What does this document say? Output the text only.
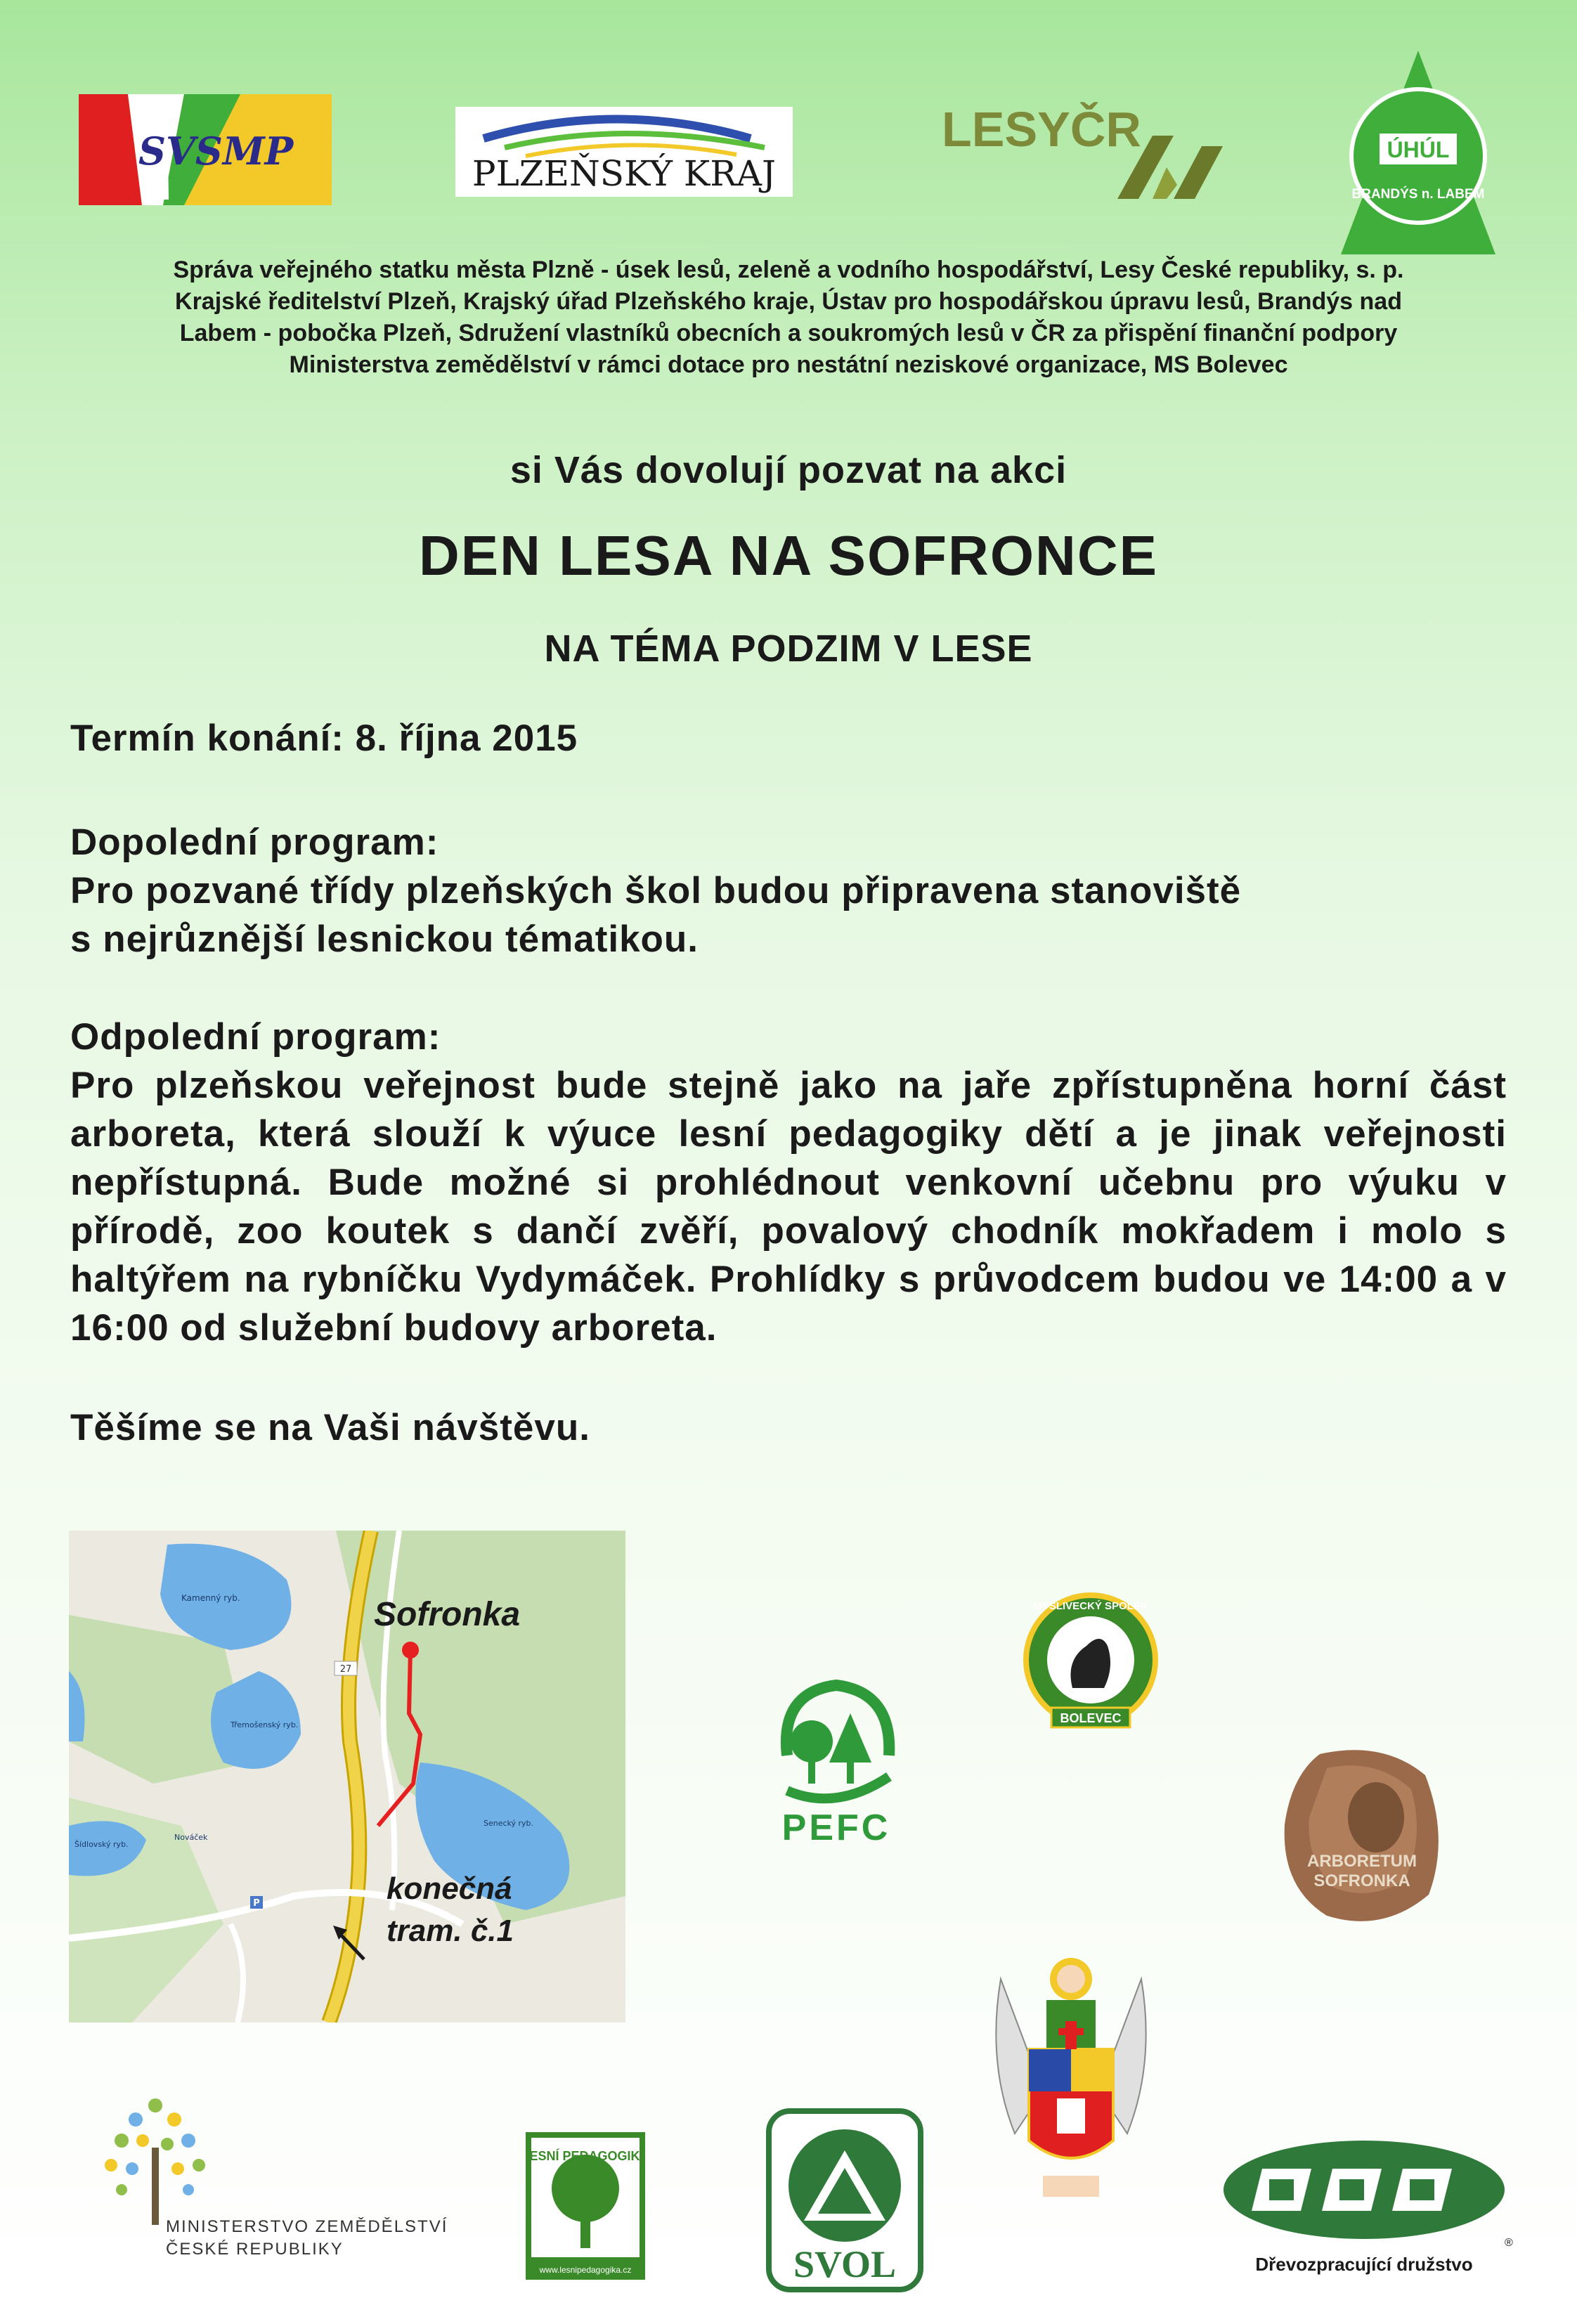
SVSMP	PLZEŇSKÝ KRAJ
LESYČR	ÚHÚL
BRANDÝS n. LABEM
Správa veřejného statku města Plzně - úsek lesů, zeleně a vodního hospodářství, Lesy České republiky, s. p.
Krajské ředitelství Plzeň, Krajský úřad Plzeňského kraje, Ústav pro hospodářskou úpravu lesů, Brandýs nad
Labem - pobočka Plzeň, Sdružení vlastníků obecních a soukromých lesů v ČR za přispění finanční podpory
Ministerstva zemědělství v rámci dotace pro nestátní neziskové organizace, MS Bolevec
si Vás dovolují pozvat na akci
DEN LESA NA SOFRONCE
NA TÉMA PODZIM V LESE
Termín konání: 8. října 2015
Dopolední program:
Pro pozvané třídy plzeňských škol budou připravena stanoviště
s nejrůznější lesnickou tématikou.
Odpolední program:
Pro plzeňskou veřejnost bude stejně jako na jaře zpřístupněna horní část arboreta, která slouží k výuce lesní pedagogiky dětí a je jinak veřejnosti nepřístupná. Bude možné si prohlédnout venkovní učebnu pro výuku v přírodě, zoo koutek s dančí zvěří, povalový chodník mokřadem i molo s haltýřem na rybníčku Vydymáček. Prohlídky s průvodcem budou ve 14:00 a v 16:00 od služební budovy arboreta.
Těšíme se na Vaši návštěvu.
Kamenný ryb.
Třemošenský ryb.
Šídlovský ryb.
Nováček
Senecký ryb.
27
P
Sofronka
konečná
tram. č.1
MYSLIVECKÝ SPOLEK
BOLEVEC
PEFC
ARBORETUM
SOFRONKA
MINISTERSTVO ZEMĚDĚLSTVÍ
ČESKÉ REPUBLIKY
LESNÍ PEDAGOGIKA
www.lesnipedagogika.cz	SVOL
®
Dřevozpracující družstvo
